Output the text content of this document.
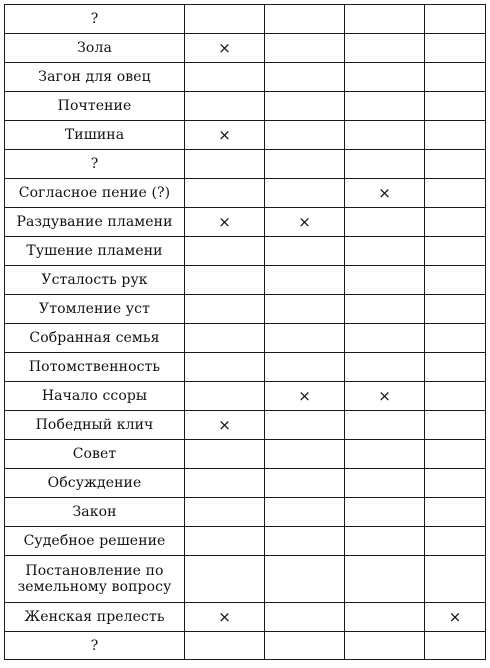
?				
Зола	×			
Загон для овец				
Почтение				
Тишина	×			
?				
Согласное пение (?)			×	
Раздувание пламени	×	×		
Тушение пламени				
Усталость рук				
Утомление уст				
Собранная семья				
Потомственность				
Начало ссоры		×	×	
Победный клич	×			
Совет				
Обсуждение				
Закон				
Судебное решение				
Постановление по земельному вопросу				
Женская прелесть	×			×
?				
